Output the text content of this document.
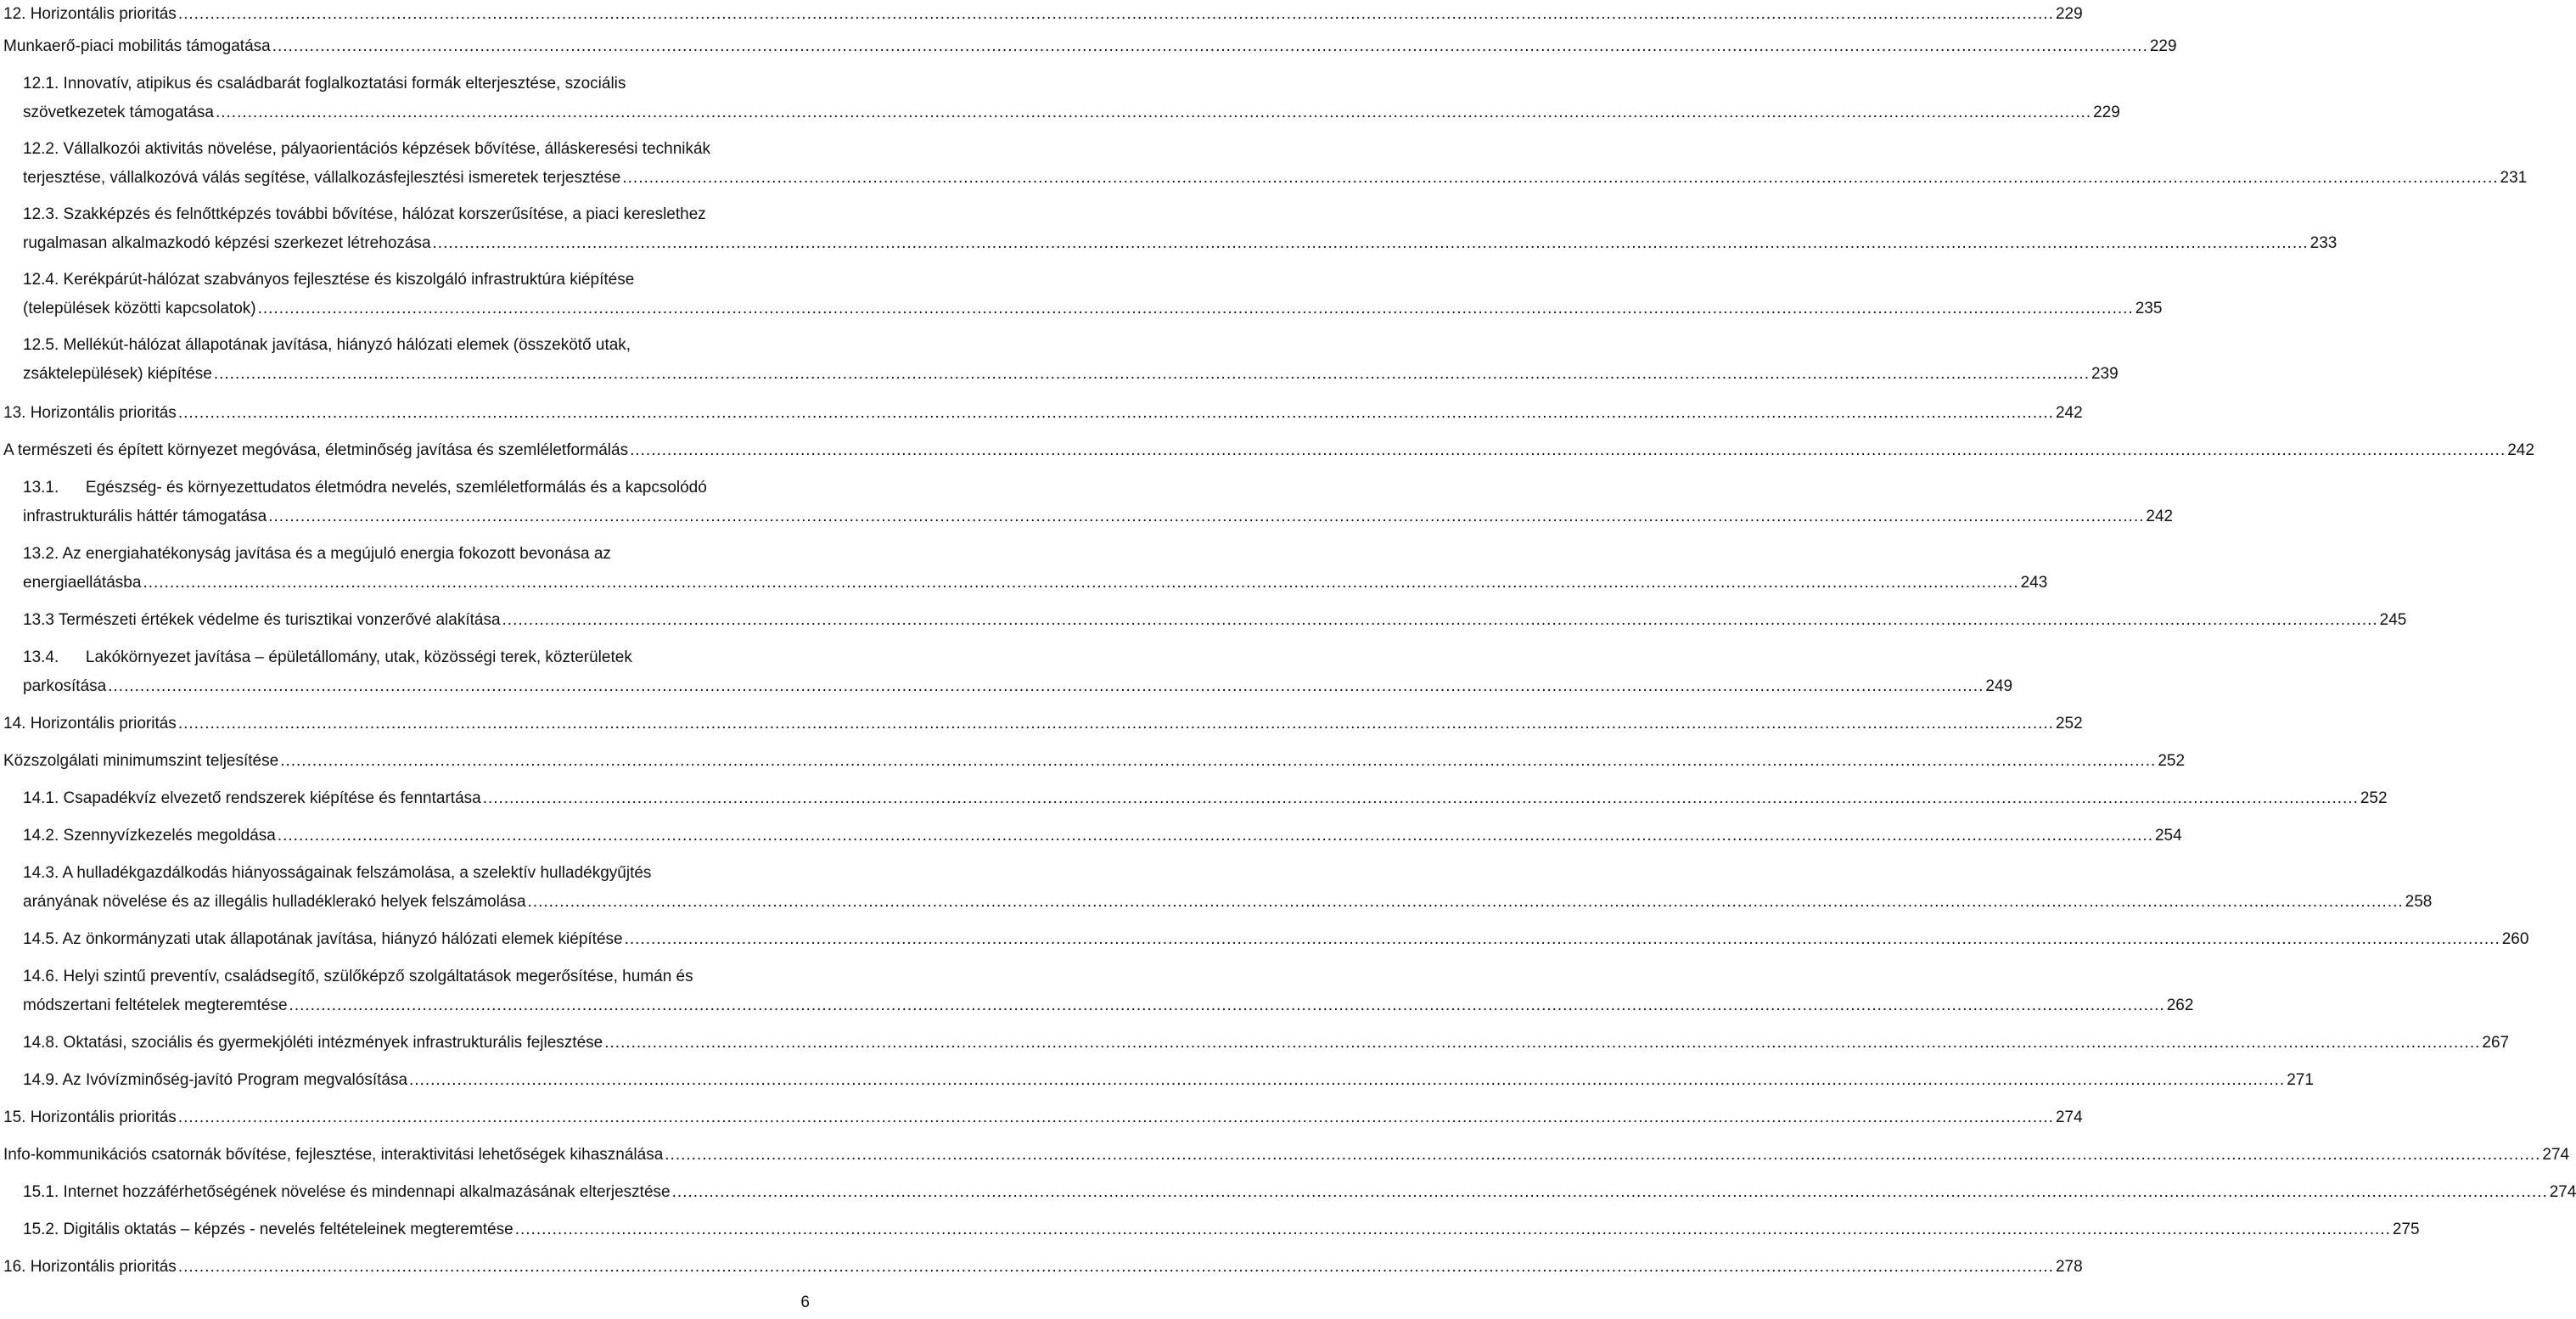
12. Horizontális prioritás .....	229
Munkaerő-piaci mobilitás támogatása .....	229
12.1. Innovatív, atipikus és családbarát foglalkoztatási formák elterjesztése, szociális
szövetkezetek támogatása .....	229
12.2. Vállalkozói aktivitás növelése, pályaorientációs képzések bővítése, álláskeresési technikák
terjesztése, vállalkozóvá válás segítése, vállalkozásfejlesztési ismeretek terjesztése .....	231
12.3. Szakképzés és felnőttképzés további bővítése, hálózat korszerűsítése, a piaci kereslethez
rugalmasan alkalmazkodó képzési szerkezet létrehozása .....	233
12.4. Kerékpárút-hálózat szabványos fejlesztése és kiszolgáló infrastruktúra kiépítése
(települések közötti kapcsolatok) .....	235
12.5. Mellékút-hálózat állapotának javítása, hiányzó hálózati elemek (összekötő utak,
zsáktelepülések) kiépítése .....	239
13. Horizontális prioritás .....	242
A természeti és épített környezet megóvása, életminőség javítása és szemléletformálás .....	242
13.1.      Egészség- és környezettudatos életmódra nevelés, szemléletformálás és a kapcsolódó
infrastrukturális háttér támogatása .....	242
13.2. Az energiahatékonyság javítása és a megújuló energia fokozott bevonása az
energiaellátásba .....	243
13.3 Természeti értékek védelme és turisztikai vonzerővé alakítása .....	245
13.4.      Lakókörnyezet javítása – épületállomány, utak, közösségi terek, közterületek
parkosítása .....	249
14. Horizontális prioritás .....	252
Közszolgálati minimumszint teljesítése .....	252
14.1. Csapadékvíz elvezető rendszerek kiépítése és fenntartása .....	252
14.2. Szennyvízkezelés megoldása .....	254
14.3. A hulladékgazdálkodás hiányosságainak felszámolása, a szelektív hulladékgyűjtés
arányának növelése és az illegális hulladéklerakó helyek felszámolása .....	258
14.5. Az önkormányzati utak állapotának javítása, hiányzó hálózati elemek kiépítése .....	260
14.6. Helyi szintű preventív, családsegítő, szülőképző szolgáltatások megerősítése, humán és
módszertani feltételek megteremtése .....	262
14.8. Oktatási, szociális és gyermekjóléti intézmények infrastrukturális fejlesztése .....	267
14.9. Az Ivóvízminőség-javító Program megvalósítása .....	271
15. Horizontális prioritás .....	274
Info-kommunikációs csatornák bővítése, fejlesztése, interaktivitási lehetőségek kihasználása .....	274
15.1. Internet hozzáférhetőségének növelése és mindennapi alkalmazásának elterjesztése .....	274
15.2. Digitális oktatás – képzés - nevelés feltételeinek megteremtése .....	275
16. Horizontális prioritás .....	278
6
